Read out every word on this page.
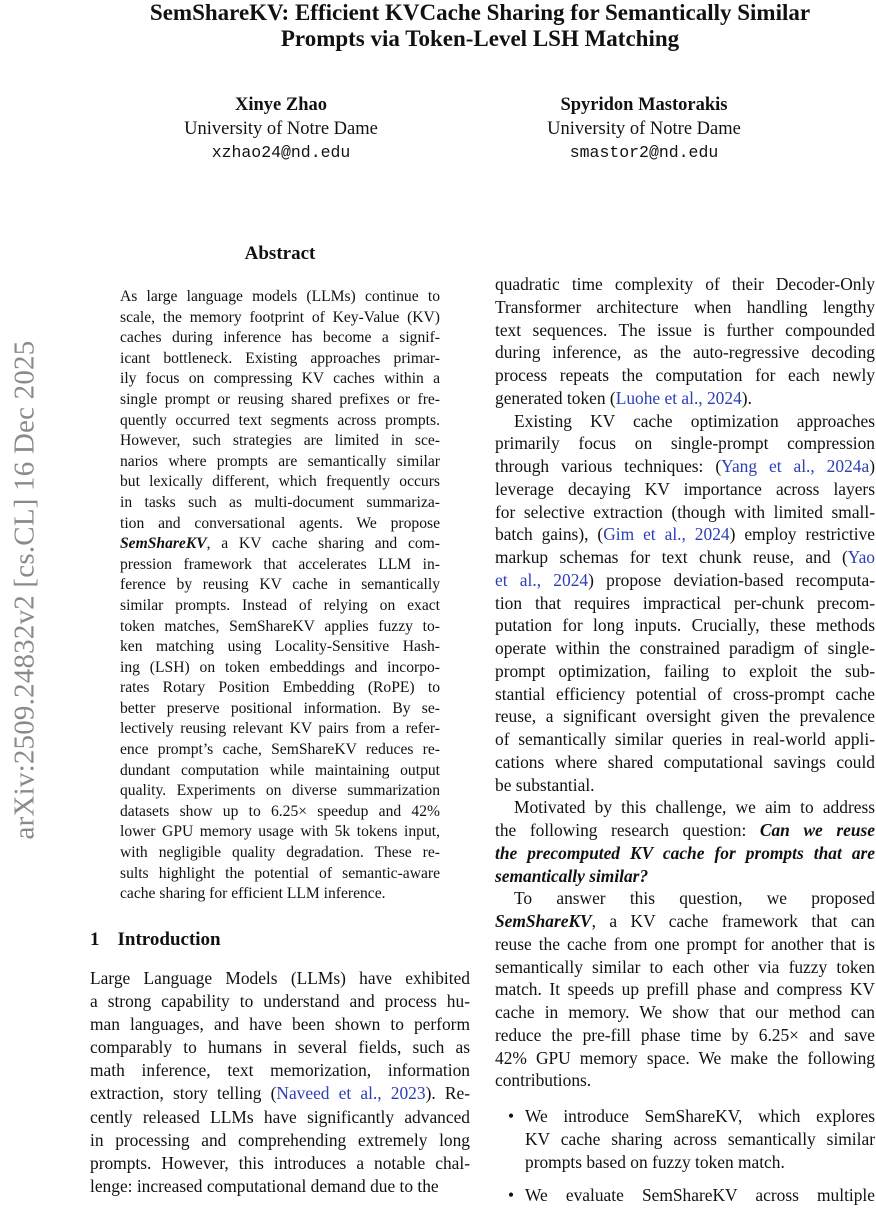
SemShareKV: Efficient KVCache Sharing for Semantically Similar
Prompts via Token-Level LSH Matching
Xinye Zhao
University of Notre Dame
xzhao24@nd.edu
Spyridon Mastorakis
University of Notre Dame
smastor2@nd.edu
arXiv:2509.24832v2 [cs.CL] 16 Dec 2025
Abstract
As large language models (LLMs) continue to
scale, the memory footprint of Key-Value (KV)
caches during inference has become a signif-
icant bottleneck. Existing approaches primar-
ily focus on compressing KV caches within a
single prompt or reusing shared prefixes or fre-
quently occurred text segments across prompts.
However, such strategies are limited in sce-
narios where prompts are semantically similar
but lexically different, which frequently occurs
in tasks such as multi-document summariza-
tion and conversational agents. We propose
SemShareKV, a KV cache sharing and com-
pression framework that accelerates LLM in-
ference by reusing KV cache in semantically
similar prompts. Instead of relying on exact
token matches, SemShareKV applies fuzzy to-
ken matching using Locality-Sensitive Hash-
ing (LSH) on token embeddings and incorpo-
rates Rotary Position Embedding (RoPE) to
better preserve positional information. By se-
lectively reusing relevant KV pairs from a refer-
ence prompt’s cache, SemShareKV reduces re-
dundant computation while maintaining output
quality. Experiments on diverse summarization
datasets show up to 6.25× speedup and 42%
lower GPU memory usage with 5k tokens input,
with negligible quality degradation. These re-
sults highlight the potential of semantic-aware
cache sharing for efficient LLM inference.
1 Introduction
Large Language Models (LLMs) have exhibited
a strong capability to understand and process hu-
man languages, and have been shown to perform
comparably to humans in several fields, such as
math inference, text memorization, information
extraction, story telling (Naveed et al., 2023). Re-
cently released LLMs have significantly advanced
in processing and comprehending extremely long
prompts. However, this introduces a notable chal-
lenge: increased computational demand due to the
quadratic time complexity of their Decoder-Only
Transformer architecture when handling lengthy
text sequences. The issue is further compounded
during inference, as the auto-regressive decoding
process repeats the computation for each newly
generated token (Luohe et al., 2024).
Existing KV cache optimization approaches
primarily focus on single-prompt compression
through various techniques: (Yang et al., 2024a)
leverage decaying KV importance across layers
for selective extraction (though with limited small-
batch gains), (Gim et al., 2024) employ restrictive
markup schemas for text chunk reuse, and (Yao
et al., 2024) propose deviation-based recomputa-
tion that requires impractical per-chunk precom-
putation for long inputs. Crucially, these methods
operate within the constrained paradigm of single-
prompt optimization, failing to exploit the sub-
stantial efficiency potential of cross-prompt cache
reuse, a significant oversight given the prevalence
of semantically similar queries in real-world appli-
cations where shared computational savings could
be substantial.
Motivated by this challenge, we aim to address
the following research question: Can we reuse
the precomputed KV cache for prompts that are
semantically similar?
To answer this question, we proposed
SemShareKV, a KV cache framework that can
reuse the cache from one prompt for another that is
semantically similar to each other via fuzzy token
match. It speeds up prefill phase and compress KV
cache in memory. We show that our method can
reduce the pre-fill phase time by 6.25× and save
42% GPU memory space. We make the following
contributions.
• We introduce SemShareKV, which explores
KV cache sharing across semantically similar
prompts based on fuzzy token match.
• We evaluate SemShareKV across multiple
